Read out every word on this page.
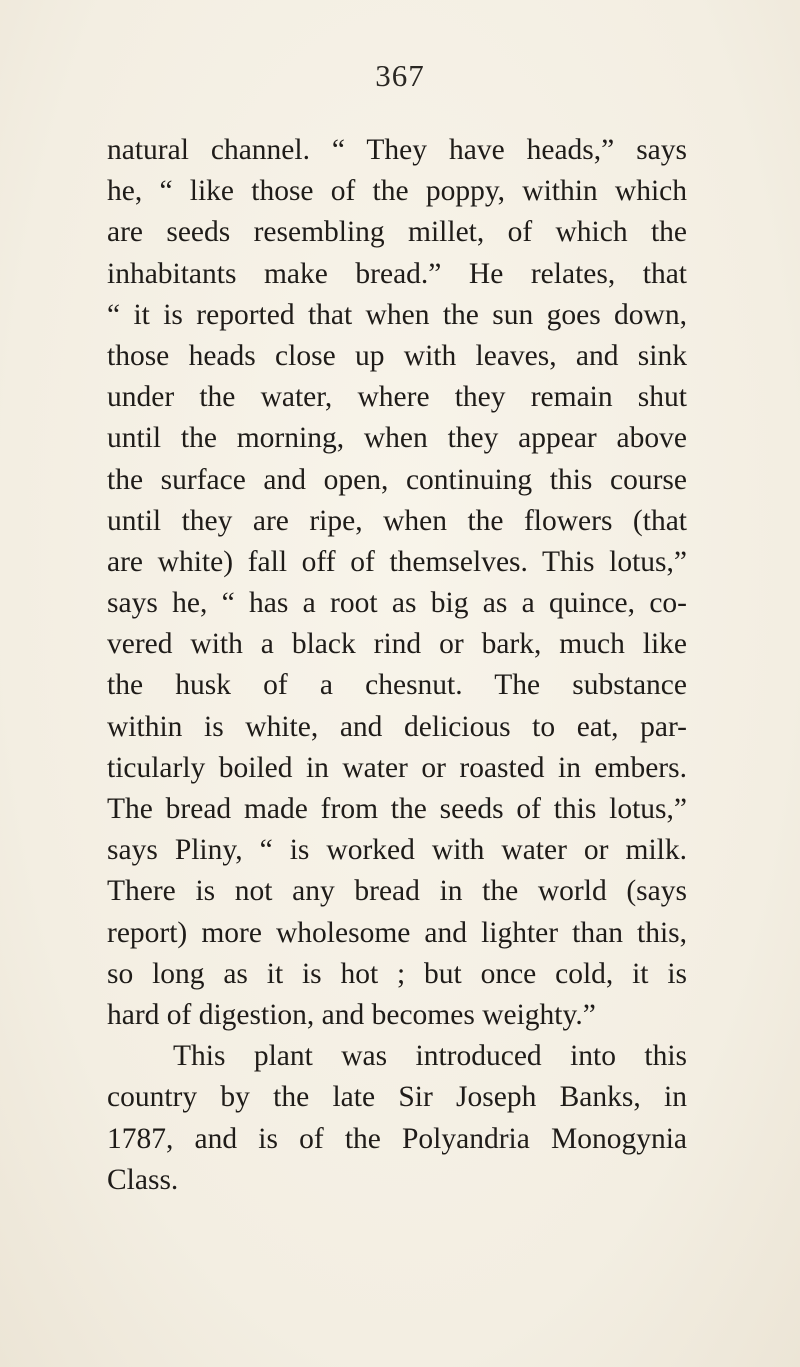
367
natural channel. “ They have heads,” says
he, “ like those of the poppy, within which
are seeds resembling millet, of which the
inhabitants make bread.” He relates, that
“ it is reported that when the sun goes down,
those heads close up with leaves, and sink
under the water, where they remain shut
until the morning, when they appear above
the surface and open, continuing this course
until they are ripe, when the flowers (that
are white) fall off of themselves. This lotus,”
says he, “ has a root as big as a quince, co-
vered with a black rind or bark, much like
the husk of a chesnut. The substance
within is white, and delicious to eat, par-
ticularly boiled in water or roasted in embers.
The bread made from the seeds of this lotus,”
says Pliny, “ is worked with water or milk.
There is not any bread in the world (says
report) more wholesome and lighter than this,
so long as it is hot ; but once cold, it is
hard of digestion, and becomes weighty.”
This plant was introduced into this
country by the late Sir Joseph Banks, in
1787, and is of the Polyandria Monogynia
Class.
